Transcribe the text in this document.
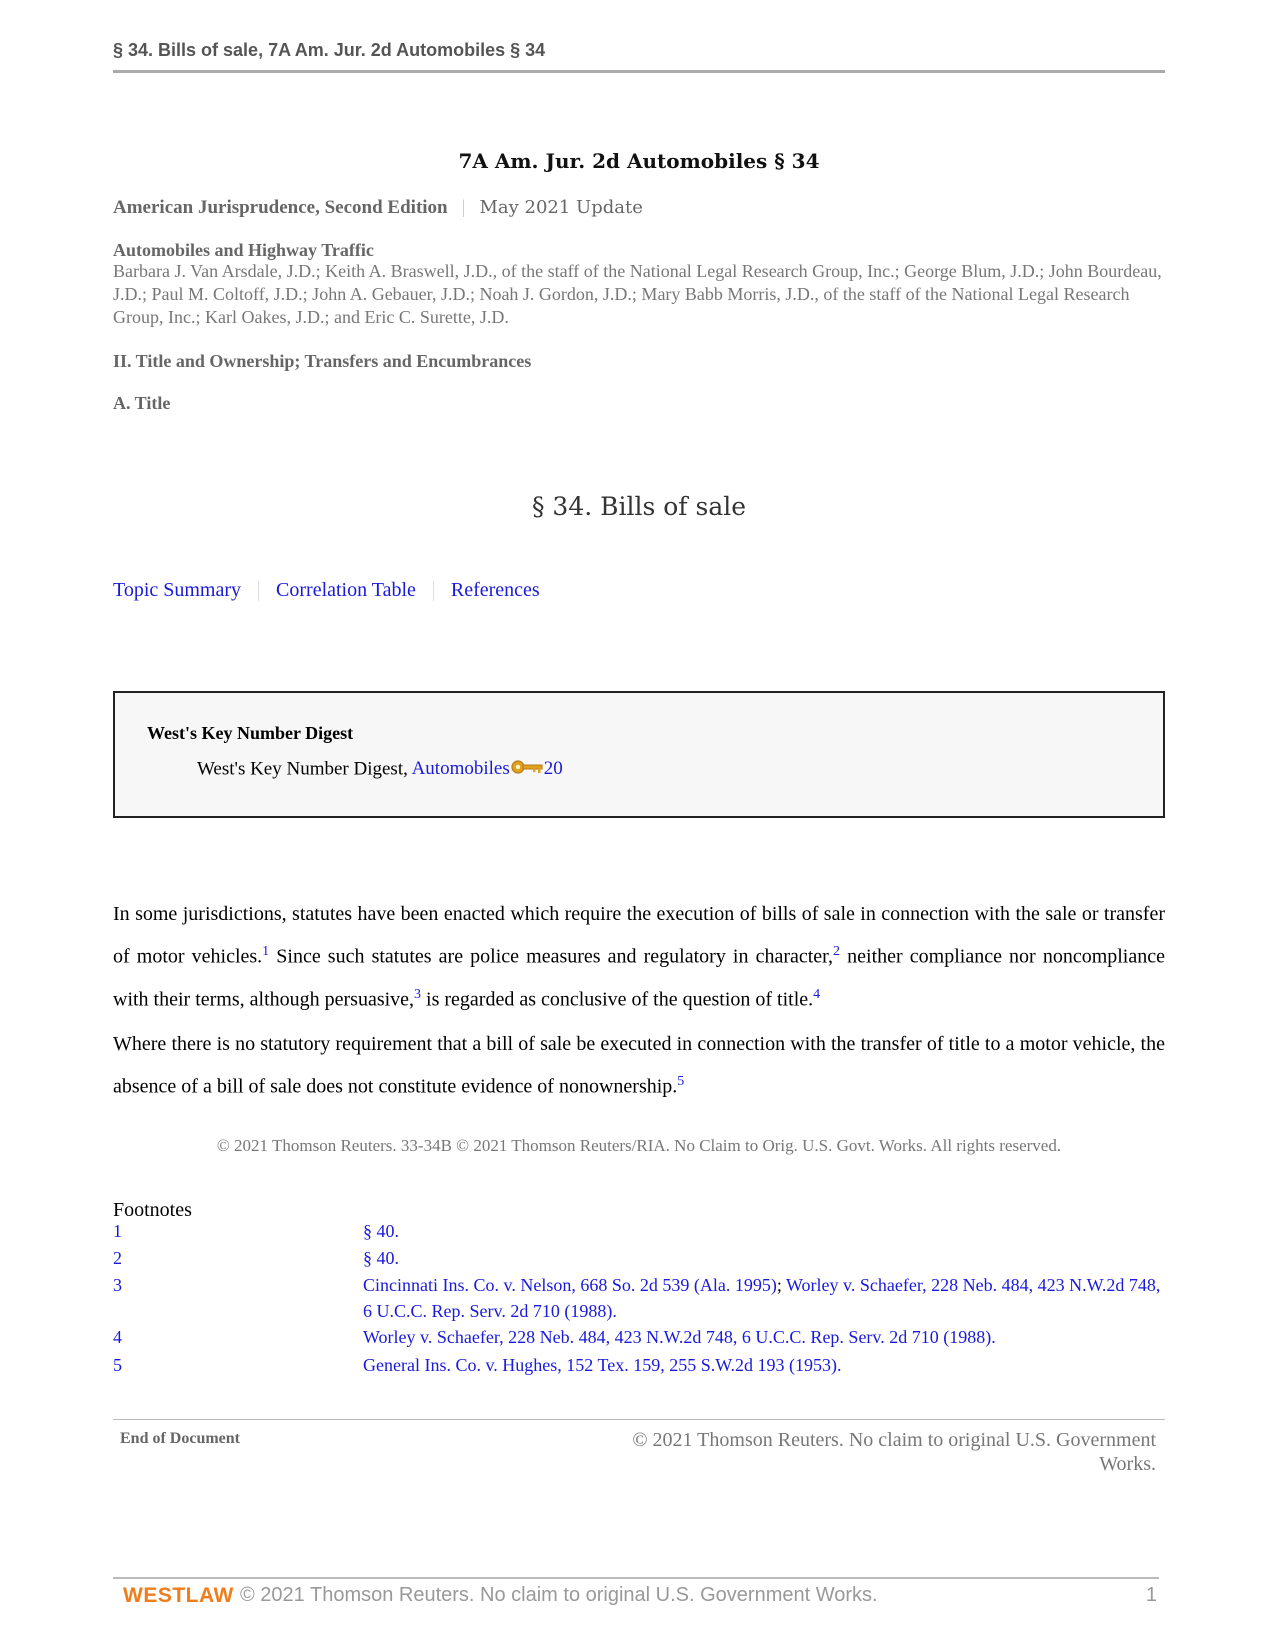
§ 34. Bills of sale, 7A Am. Jur. 2d Automobiles § 34
7A Am. Jur. 2d Automobiles § 34
American Jurisprudence, Second Edition | May 2021 Update
Automobiles and Highway Traffic
Barbara J. Van Arsdale, J.D.; Keith A. Braswell, J.D., of the staff of the National Legal Research Group, Inc.; George Blum, J.D.; John Bourdeau, J.D.; Paul M. Coltoff, J.D.; John A. Gebauer, J.D.; Noah J. Gordon, J.D.; Mary Babb Morris, J.D., of the staff of the National Legal Research Group, Inc.; Karl Oakes, J.D.; and Eric C. Surette, J.D.
II. Title and Ownership; Transfers and Encumbrances
A. Title
§ 34. Bills of sale
Topic Summary Correlation Table References
West's Key Number Digest
West's Key Number Digest, Automobiles 20
In some jurisdictions, statutes have been enacted which require the execution of bills of sale in connection with the sale or transfer of motor vehicles.$^1$ Since such statutes are police measures and regulatory in character,$^2$ neither compliance nor noncompliance with their terms, although persuasive,$^3$ is regarded as conclusive of the question of title.$^4$
Where there is no statutory requirement that a bill of sale be executed in connection with the transfer of title to a motor vehicle, the absence of a bill of sale does not constitute evidence of nonownership.$^5$
© 2021 Thomson Reuters. 33-34B © 2021 Thomson Reuters/RIA. No Claim to Orig. U.S. Govt. Works. All rights reserved.
Footnotes
1	§ 40.
2	§ 40.
3	Cincinnati Ins. Co. v. Nelson, 668 So. 2d 539 (Ala. 1995); Worley v. Schaefer, 228 Neb. 484, 423 N.W.2d 748, 6 U.C.C. Rep. Serv. 2d 710 (1988).
4	Worley v. Schaefer, 228 Neb. 484, 423 N.W.2d 748, 6 U.C.C. Rep. Serv. 2d 710 (1988).
5	General Ins. Co. v. Hughes, 152 Tex. 159, 255 S.W.2d 193 (1953).
End of Document	© 2021 Thomson Reuters. No claim to original U.S. Government Works.
WESTLAW © 2021 Thomson Reuters. No claim to original U.S. Government Works.	1
